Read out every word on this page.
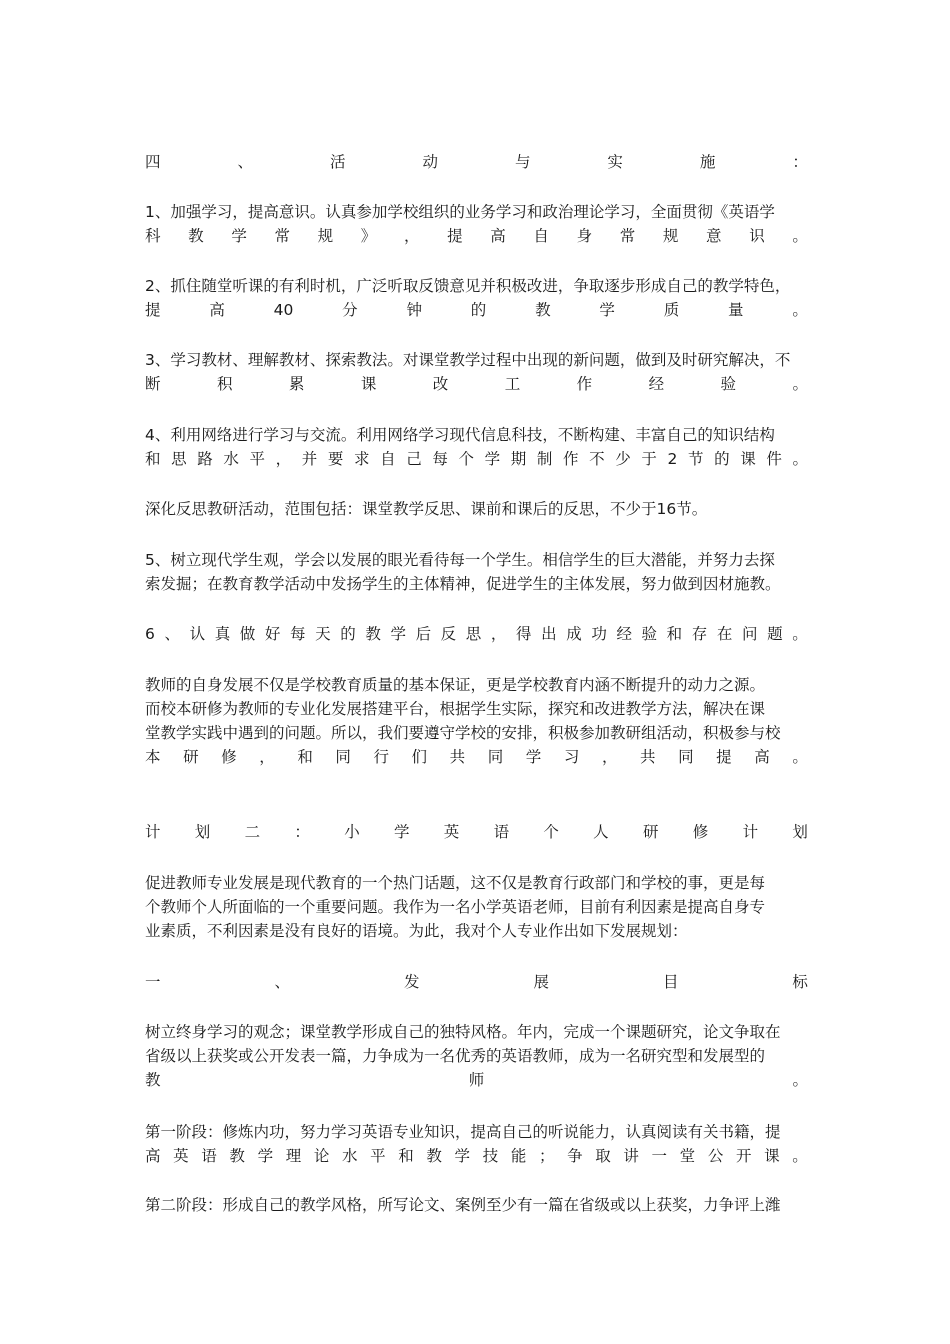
四	、	活	动	与	实	施	：

1、加强学习，提高意识。认真参加学校组织的业务学习和政治理论学习，全面贯彻《英语学
科 教 学 常 规 》 ， 提 高 自 身 常 规 意 识 。

2、抓住随堂听课的有利时机，广泛听取反馈意见并积极改进，争取逐步形成自己的教学特色，
提	高	40	分	钟	的	教	学	质	量	。

3、学习教材、理解教材、探索教法。对课堂教学过程中出现的新问题，做到及时研究解决，不
断	积	累	课	改	工	作	经	验	。

4、利用网络进行学习与交流。利用网络学习现代信息科技，不断构建、丰富自己的知识结构
和 思 路 水 平 ， 并 要 求 自 己 每 个 学 期 制 作 不 少 于 2 节 的 课 件 。

深化反思教研活动，范围包括：课堂教学反思、课前和课后的反思，不少于16节。

5、树立现代学生观，学会以发展的眼光看待每一个学生。相信学生的巨大潜能，并努力去探
索发掘；在教育教学活动中发扬学生的主体精神，促进学生的主体发展，努力做到因材施教。

6 、 认 真 做 好 每 天 的 教 学 后 反 思 ， 得 出 成 功 经 验 和 存 在 问 题 。

教师的自身发展不仅是学校教育质量的基本保证，更是学校教育内涵不断提升的动力之源。
而校本研修为教师的专业化发展搭建平台，根据学生实际，探究和改进教学方法，解决在课
堂教学实践中遇到的问题。所以，我们要遵守学校的安排，积极参加教研组活动，积极参与校
本 研 修 ， 和 同 行 们 共 同 学 习 ， 共 同 提 高 。

计 划 二 ： 小 学 英 语 个 人 研 修 计 划

促进教师专业发展是现代教育的一个热门话题，这不仅是教育行政部门和学校的事，更是每
个教师个人所面临的一个重要问题。我作为一名小学英语老师，目前有利因素是提高自身专
业素质，不利因素是没有良好的语境。为此，我对个人专业作出如下发展规划：

一	、	发	展	目	标

树立终身学习的观念；课堂教学形成自己的独特风格。年内，完成一个课题研究，论文争取在
省级以上获奖或公开发表一篇，力争成为一名优秀的英语教师，成为一名研究型和发展型的
教	师	。

第一阶段：修炼内功，努力学习英语专业知识，提高自己的听说能力，认真阅读有关书籍，提
高 英 语 教 学 理 论 水 平 和 教 学 技 能 ； 争 取 讲 一 堂 公 开 课 。

第二阶段：形成自己的教学风格，所写论文、案例至少有一篇在省级或以上获奖，力争评上潍
